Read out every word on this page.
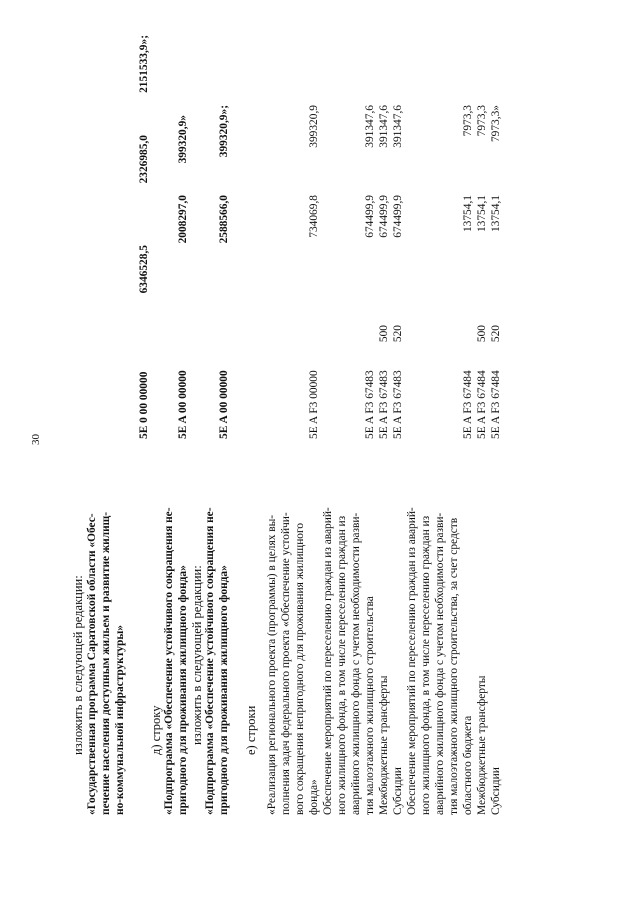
30
изложить в следующей редакции: «Государственная программа Саратовской области «Обес- печение населения доступным жильем и развитие жилищ- но-коммунальной инфраструктуры»
5E 0 00 00000
6346528,5
2326985,0
2151533,9»;
д) строку «Подпрограмма «Обеспечение устойчивого сокращения не- пригодного для проживания жилищного фонда»
5E A 00 00000
2008297,0
399320,9»
изложить в следующей редакции: «Подпрограмма «Обеспечение устойчивого сокращения не- пригодного для проживания жилищного фонда»
5E A 00 00000
2588566,0
399320,9»;
е) строки «Реализация регионального проекта (программы) в целях вы- полнения задач федерального проекта «Обеспечение устойчи- вого сокращения непригодного для проживания жилищного фонда»
5E A F3 00000
734069,8
399320,9
Обеспечение мероприятий по переселению граждан из аварий- ного жилищного фонда, в том числе переселению граждан из аварийного жилищного фонда с учетом необходимости разви- тия малоэтажного жилищного строительства
5E A F3 67483
674499,9
391347,6
Межбюджетные трансферты
5E A F3 67483
500
674499,9
391347,6
Субсидии
5E A F3 67483
520
674499,9
391347,6
Обеспечение мероприятий по переселению граждан из аварий- ного жилищного фонда, в том числе переселению граждан из аварийного жилищного фонда с учетом необходимости разви- тия малоэтажного жилищного строительства, за счет средств областного бюджета
5E A F3 67484
13754,1
7973,3
Межбюджетные трансферты
5E A F3 67484
500
13754,1
7973,3
Субсидии
5E A F3 67484
520
13754,1
7973,3»
